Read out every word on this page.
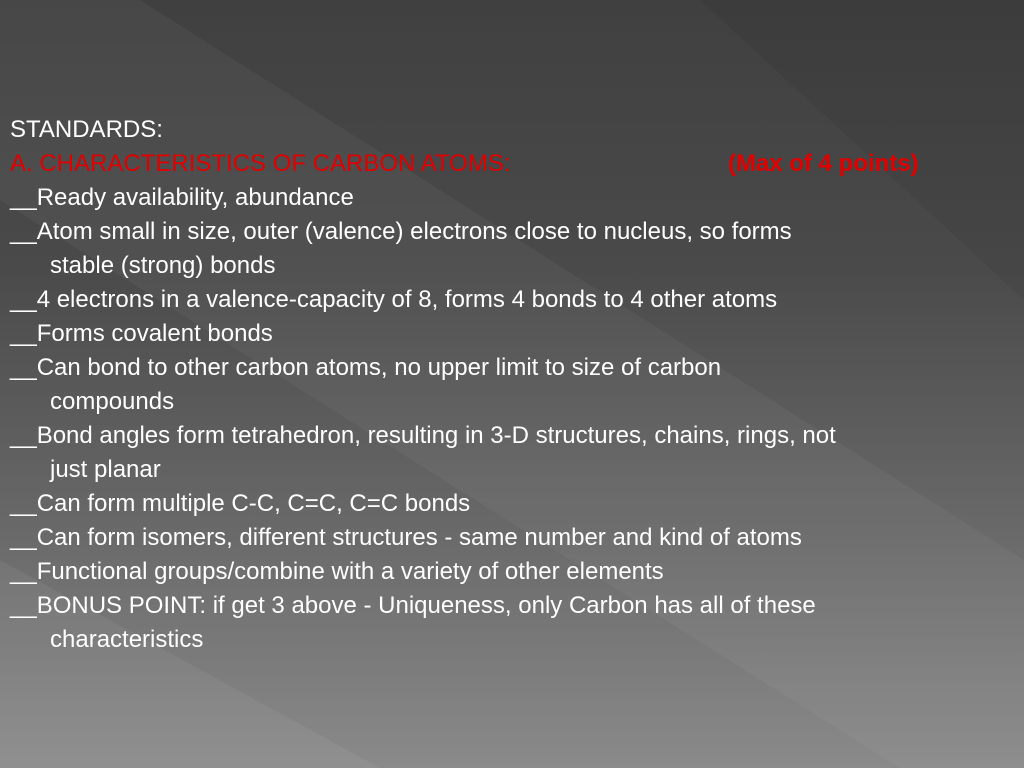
STANDARDS:
A. CHARACTERISTICS OF CARBON ATOMS:	(Max of 4 points)
__Ready availability, abundance
__Atom small in size, outer (valence) electrons close to nucleus, so forms
stable (strong) bonds
__4 electrons in a valence-capacity of 8, forms 4 bonds to 4 other atoms
__Forms covalent bonds
__Can bond to other carbon atoms, no upper limit to size of carbon
compounds
__Bond angles form tetrahedron, resulting in 3-D structures, chains, rings, not
just planar
__Can form multiple C-C, C=C, C=C bonds
__Can form isomers, different structures - same number and kind of atoms
__Functional groups/combine with a variety of other elements
__BONUS POINT: if get 3 above - Uniqueness, only Carbon has all of these
characteristics
